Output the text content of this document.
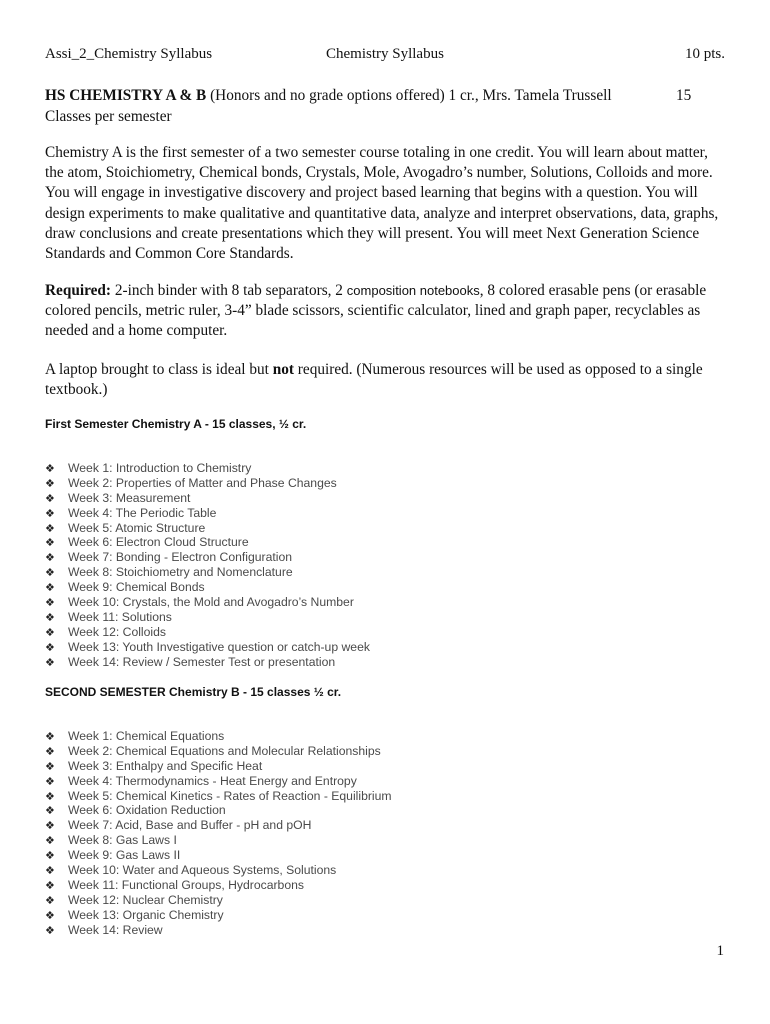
Assi_2_Chemistry Syllabus	Chemistry Syllabus	10 pts.
HS CHEMISTRY A & B (Honors and no grade options offered) 1 cr., Mrs. Tamela Trussell	15

Classes per semester

Chemistry A is the first semester of a two semester course totaling in one credit. You will learn about matter, the atom, Stoichiometry, Chemical bonds, Crystals, Mole, Avogadro’s number, Solutions, Colloids and more. You will engage in investigative discovery and project based learning that begins with a question. You will design experiments to make qualitative and quantitative data, analyze and interpret observations, data, graphs, draw conclusions and create presentations which they will present. You will meet Next Generation Science Standards and Common Core Standards.

Required: 2-inch binder with 8 tab separators, 2 composition notebooks, 8 colored erasable pens (or erasable colored pencils, metric ruler, 3-4” blade scissors, scientific calculator, lined and graph paper, recyclables as needed and a home computer.

A laptop brought to class is ideal but not required. (Numerous resources will be used as opposed to a single textbook.)

First Semester Chemistry A - 15 classes, ½ cr.
❖ Week 1: Introduction to Chemistry
❖ Week 2: Properties of Matter and Phase Changes
❖ Week 3: Measurement
❖ Week 4: The Periodic Table
❖ Week 5: Atomic Structure
❖ Week 6: Electron Cloud Structure
❖ Week 7: Bonding - Electron Configuration
❖ Week 8: Stoichiometry and Nomenclature
❖ Week 9: Chemical Bonds
❖ Week 10: Crystals, the Mold and Avogadro’s Number
❖ Week 11: Solutions
❖ Week 12: Colloids
❖ Week 13: Youth Investigative question or catch-up week
❖ Week 14: Review / Semester Test or presentation
SECOND SEMESTER Chemistry B - 15 classes ½ cr.
❖ Week 1: Chemical Equations
❖ Week 2: Chemical Equations and Molecular Relationships
❖ Week 3: Enthalpy and Specific Heat
❖ Week 4: Thermodynamics - Heat Energy and Entropy
❖ Week 5: Chemical Kinetics - Rates of Reaction - Equilibrium
❖ Week 6: Oxidation Reduction
❖ Week 7: Acid, Base and Buffer - pH and pOH
❖ Week 8: Gas Laws I
❖ Week 9: Gas Laws II
❖ Week 10: Water and Aqueous Systems, Solutions
❖ Week 11: Functional Groups, Hydrocarbons
❖ Week 12: Nuclear Chemistry
❖ Week 13: Organic Chemistry
❖ Week 14: Review
1
